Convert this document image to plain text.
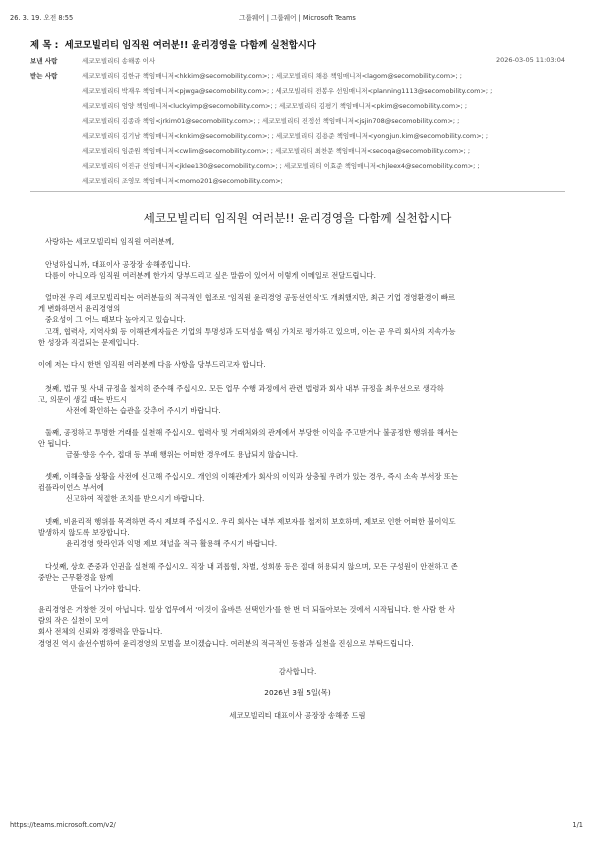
26. 3. 19. 오전 8:55	그룹웨어 | 그룹웨어 | Microsoft Teams
제 목 : 세코모빌리티 임직원 여러분!! 윤리경영을 다함께 실천합시다
보낸 사람	세코모빌리티 송해종 이사	2026-03-05 11:03:04
받는 사람	세코모빌리티 김한규 책임매니저<hkkim@secomobility.com>; ; 세코모빌리티 채용 책임매니저<lagom@secomobility.com>; ;
세코모빌리티 박재우 책임매니저<pjwga@secomobility.com>; ; 세코모빌리티 전봉우 선임매니저<planning1113@secomobility.com>; ;
세코모빌리티 엄양 책임매니저<luckyimp@secomobility.com>; ; 세코모빌리티 김평기 책임매니저<pkim@secomobility.com>; ;
세코모빌리티 김종라 책임<jrkim01@secomobility.com>; ; 세코모빌리티 진정선 책임매니저<jsjin708@secomobility.com>; ;
세코모빌리티 김기남 책임매니저<knkim@secomobility.com>; ; 세코모빌리티 김용준 책임매니저<yongjun.kim@secomobility.com>; ;
세코모빌리티 임준원 책임매니저<cwlim@secomobility.com>; ; 세코모빌리티 최찬문 책임매니저<secoqa@secomobility.com>; ;
세코모빌리티 이진규 선임매니저<jklee130@secomobility.com>; ; 세코모빌리티 이효준 책임매니저<hjleex4@secomobility.com>; ;
세코모빌리티 조영모 책임매니저<momo201@secomobility.com>;
세코모빌리티 임직원 여러분!! 윤리경영을 다함께 실천합시다

사랑하는 세코모빌리티 임직원 여러분께,

안녕하십니까, 대표이사 공장장 송해종입니다.
다름이 아니오라 임직원 여러분께 한가지 당부드리고 싶은 말씀이 있어서 이렇게 이메일로 전달드립니다.

얼마전 우리 세코모빌리티는 여러분들의 적극적인 협조로 '임직원 윤리경영 공동선언식'도 개최했지만, 최근 기업 경영환경이 빠르
게 변화하면서 윤리경영의
중요성이 그 어느 때보다 높아지고 있습니다.
고객, 협력사, 지역사회 등 이해관계자들은 기업의 투명성과 도덕성을 핵심 가치로 평가하고 있으며, 이는 곧 우리 회사의 지속가능
한 성장과 직결되는 문제입니다.

이에 저는 다시 한번 임직원 여러분께 다음 사항을 당부드리고자 합니다.

첫째, 법규 및 사내 규정을 철저히 준수해 주십시오. 모든 업무 수행 과정에서 관련 법령과 회사 내부 규정을 최우선으로 생각하
고, 의문이 생길 때는 반드시
사전에 확인하는 습관을 갖추어 주시기 바랍니다.

둘째, 공정하고 투명한 거래를 실천해 주십시오. 협력사 및 거래처와의 관계에서 부당한 이익을 주고받거나 불공정한 행위를 해서는
안 됩니다.
금품·향응 수수, 접대 등 부패 행위는 어떠한 경우에도 용납되지 않습니다.

셋째, 이해충돌 상황을 사전에 신고해 주십시오. 개인의 이해관계가 회사의 이익과 상충될 우려가 있는 경우, 즉시 소속 부서장 또는
컴플라이언스 부서에
신고하여 적절한 조치를 받으시기 바랍니다.

넷째, 비윤리적 행위를 목격하면 즉시 제보해 주십시오. 우리 회사는 내부 제보자를 철저히 보호하며, 제보로 인한 어떠한 불이익도
발생하지 않도록 보장합니다.
윤리경영 핫라인과 익명 제보 채널을 적극 활용해 주시기 바랍니다.

다섯째, 상호 존중과 인권을 실천해 주십시오. 직장 내 괴롭힘, 차별, 성희롱 등은 절대 허용되지 않으며, 모든 구성원이 안전하고 존
중받는 근무환경을 함께
만들어 나가야 합니다.

윤리경영은 거창한 것이 아닙니다. 일상 업무에서 '이것이 올바른 선택인가'를 한 번 더 되돌아보는 것에서 시작됩니다. 한 사람 한 사
람의 작은 실천이 모여
회사 전체의 신뢰와 경쟁력을 만듭니다.
경영진 역시 솔선수범하여 윤리경영의 모범을 보이겠습니다. 여러분의 적극적인 동참과 실천을 진심으로 부탁드립니다.

감사합니다.
2026년 3월 5일(목)
세코모빌리티 대표이사 공장장 송해종 드림
https://teams.microsoft.com/v2/	1/1
